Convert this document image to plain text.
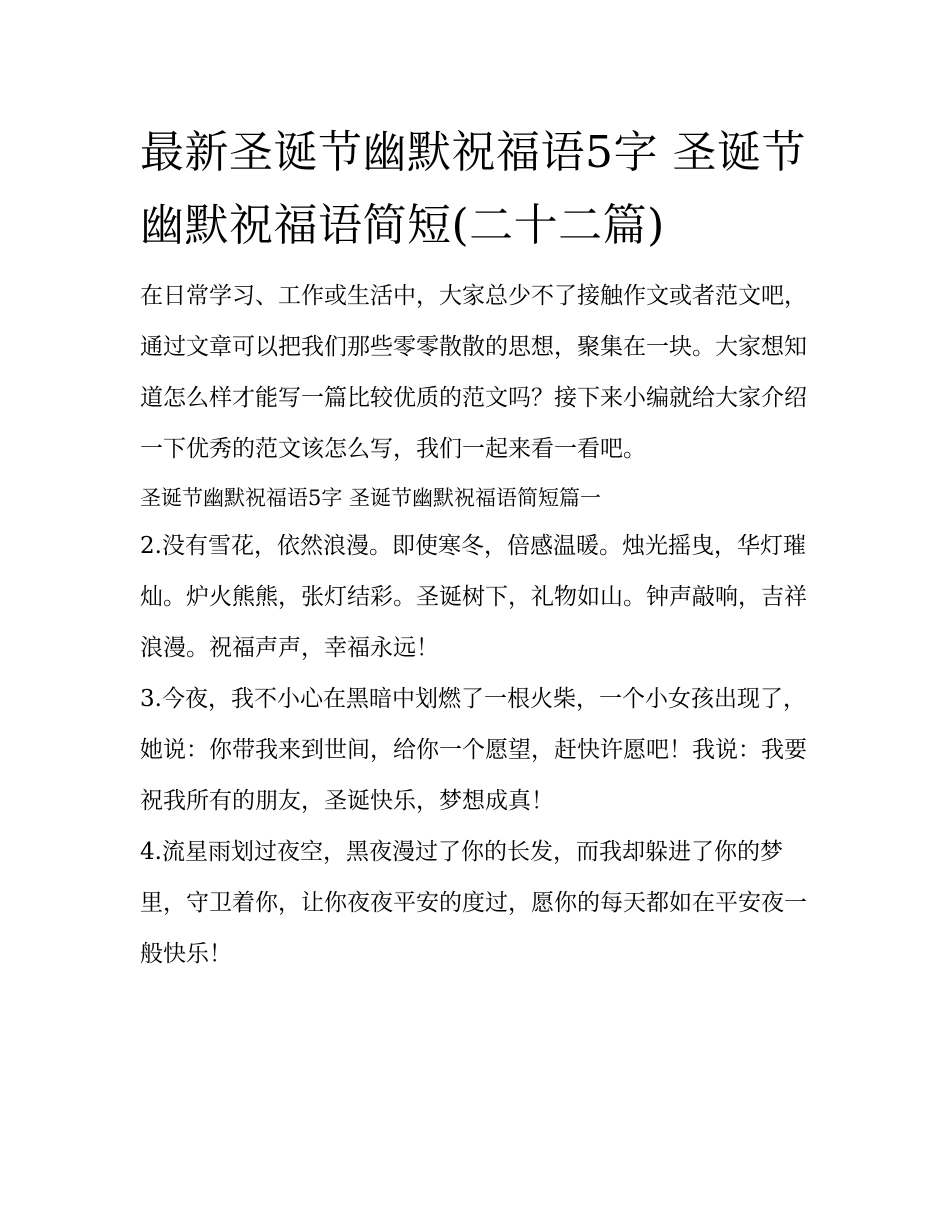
最新圣诞节幽默祝福语5字 圣诞节幽默祝福语简短(二十二篇)

在日常学习、工作或生活中，大家总少不了接触作文或者范文吧，通过文章可以把我们那些零零散散的思想，聚集在一块。大家想知道怎么样才能写一篇比较优质的范文吗？接下来小编就给大家介绍一下优秀的范文该怎么写，我们一起来看一看吧。

圣诞节幽默祝福语5字 圣诞节幽默祝福语简短篇一

2.没有雪花，依然浪漫。即使寒冬，倍感温暖。烛光摇曳，华灯璀灿。炉火熊熊，张灯结彩。圣诞树下，礼物如山。钟声敲响，吉祥浪漫。祝福声声，幸福永远！

3.今夜，我不小心在黑暗中划燃了一根火柴，一个小女孩出现了，她说：你带我来到世间，给你一个愿望，赶快许愿吧！我说：我要祝我所有的朋友，圣诞快乐，梦想成真！

4.流星雨划过夜空，黑夜漫过了你的长发，而我却躲进了你的梦里，守卫着你，让你夜夜平安的度过，愿你的每天都如在平安夜一般快乐！
